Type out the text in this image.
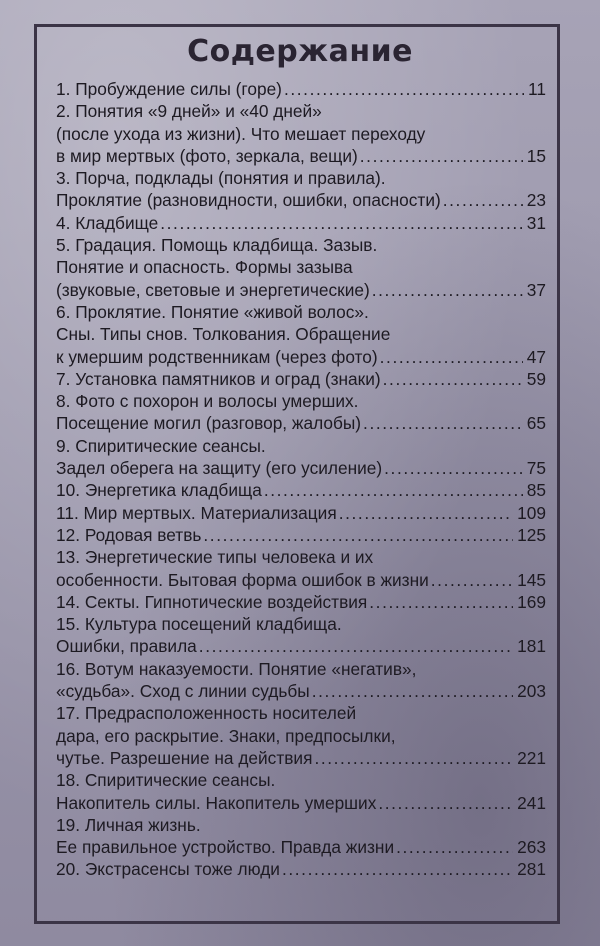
Содержание
1. Пробуждение силы (горе) . . .	11
2. Понятия «9 дней» и «40 дней»
(после ухода из жизни). Что мешает переходу
в мир мертвых (фото, зеркала, вещи) . . .	15
3. Порча, подклады (понятия и правила).
Проклятие (разновидности, ошибки, опасности) . . .	23
4. Кладбище . . .	31
5. Градация. Помощь кладбища. Зазыв.
Понятие и опасность. Формы зазыва
(звуковые, световые и энергетические) . . .	37
6. Проклятие. Понятие «живой волос».
Сны. Типы снов. Толкования. Обращение
к умершим родственникам (через фото) . . .	47
7. Установка памятников и оград (знаки) . . .	59
8. Фото с похорон и волосы умерших.
Посещение могил (разговор, жалобы) . . .	65
9. Спиритические сеансы.
Задел оберега на защиту (его усиление) . . .	75
10. Энергетика кладбища . . .	85
11. Мир мертвых. Материализация . . .	109
12. Родовая ветвь . . .	125
13. Энергетические типы человека и их
особенности. Бытовая форма ошибок в жизни . . .	145
14. Секты. Гипнотические воздействия . . .	169
15. Культура посещений кладбища.
Ошибки, правила . . .	181
16. Вотум наказуемости. Понятие «негатив»,
«судьба». Сход с линии судьбы . . .	203
17. Предрасположенность носителей
дара, его раскрытие. Знаки, предпосылки,
чутье. Разрешение на действия . . .	221
18. Спиритические сеансы.
Накопитель силы. Накопитель умерших . . .	241
19. Личная жизнь.
Ее правильное устройство. Правда жизни . . .	263
20. Экстрасенсы тоже люди . . .	281
